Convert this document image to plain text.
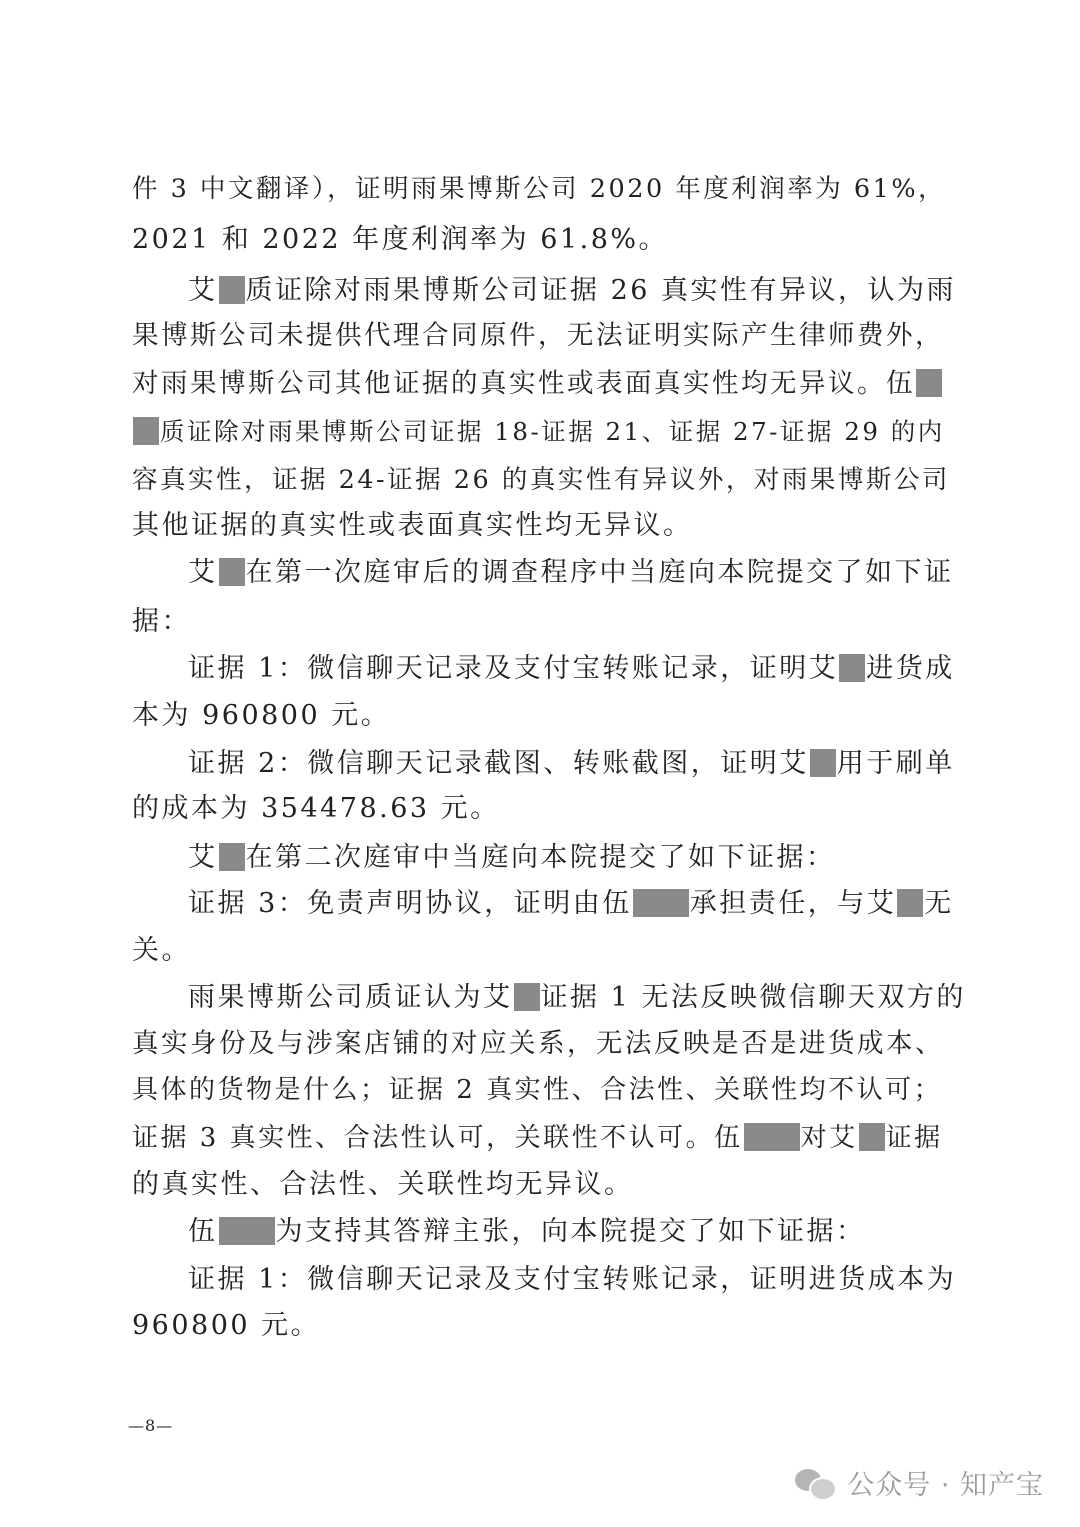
件 3 中文翻译），证明雨果博斯公司 2020 年度利润率为 61%，
2021 和 2022 年度利润率为 61.8%。
艾 质证除对雨果博斯公司证据 26 真实性有异议，认为雨
果博斯公司未提供代理合同原件，无法证明实际产生律师费外，
对雨果博斯公司其他证据的真实性或表面真实性均无异议。伍
质证除对雨果博斯公司证据 18-证据 21、证据 27-证据 29 的内
容真实性，证据 24-证据 26 的真实性有异议外，对雨果博斯公司
其他证据的真实性或表面真实性均无异议。
艾 在第一次庭审后的调查程序中当庭向本院提交了如下证
据：
证据 1：微信聊天记录及支付宝转账记录，证明艾 进货成
本为 960800 元。
证据 2：微信聊天记录截图、转账截图，证明艾 用于刷单
的成本为 354478.63 元。
艾 在第二次庭审中当庭向本院提交了如下证据：
证据 3：免责声明协议，证明由伍 承担责任，与艾 无
关。
雨果博斯公司质证认为艾 证据 1 无法反映微信聊天双方的
真实身份及与涉案店铺的对应关系，无法反映是否是进货成本、
具体的货物是什么；证据 2 真实性、合法性、关联性均不认可；
证据 3 真实性、合法性认可，关联性不认可。伍 对艾 证据
的真实性、合法性、关联性均无异议。
伍 为支持其答辩主张，向本院提交了如下证据：
证据 1：微信聊天记录及支付宝转账记录，证明进货成本为
960800 元。
—8—
公众号 · 知产宝
